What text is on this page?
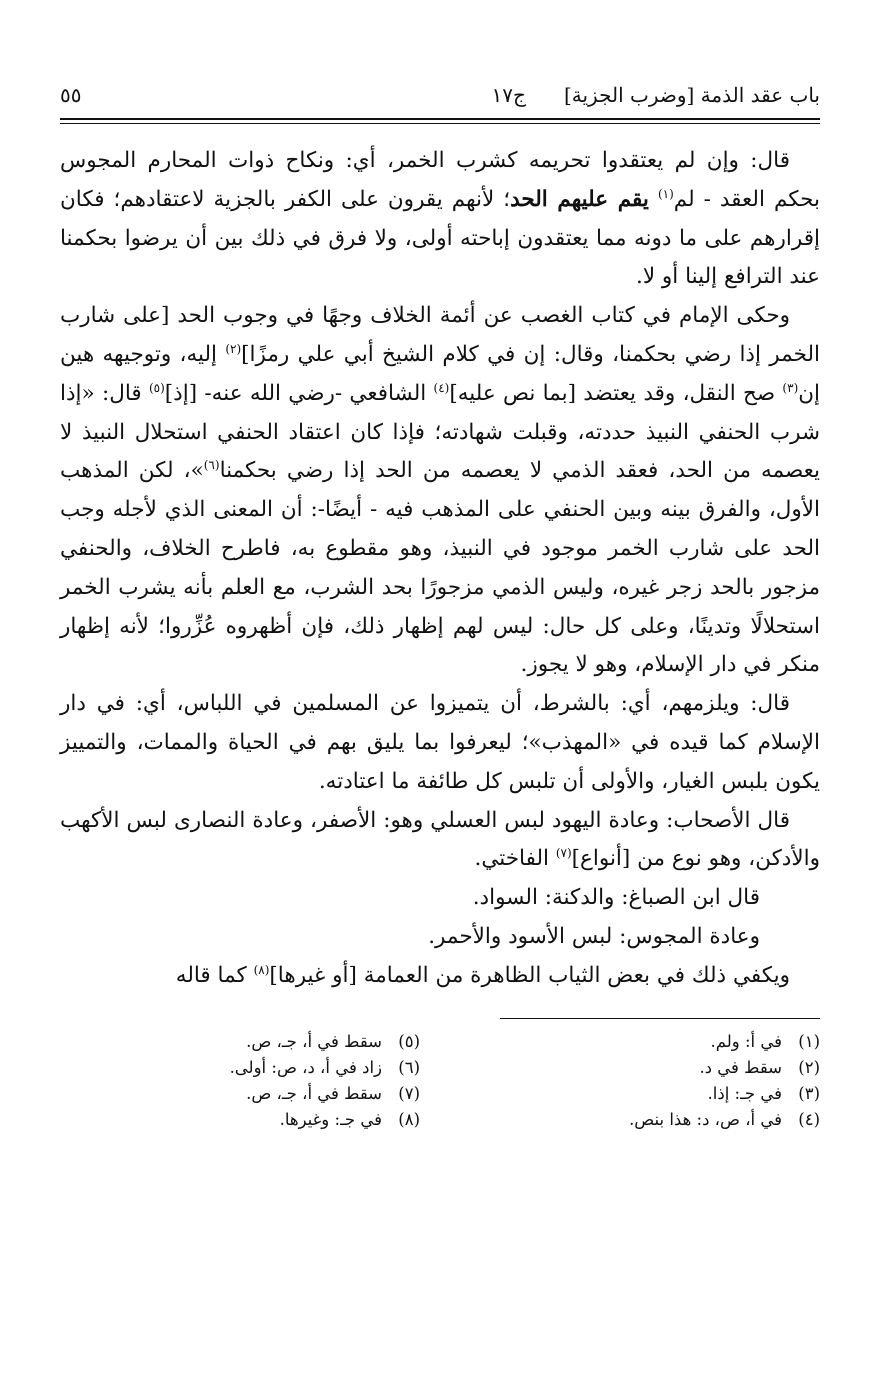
باب عقد الذمة [وضرب الجزية]
ج١٧
٥٥

قال: وإن لم يعتقدوا تحريمه كشرب الخمر، أي: ونكاح ذوات المحارم المجوس بحكم العقد - لم$^{(١)}$ يقم عليهم الحد؛ لأنهم يقرون على الكفر بالجزية لاعتقادهم؛ فكان إقرارهم على ما دونه مما يعتقدون إباحته أولى، ولا فرق في ذلك بين أن يرضوا بحكمنا عند الترافع إلينا أو لا.

وحكى الإمام في كتاب الغصب عن أئمة الخلاف وجهًا في وجوب الحد [على شارب الخمر إذا رضي بحكمنا، وقال: إن في كلام الشيخ أبي علي رمزًا]$^{(٢)}$ إليه، وتوجيهه هين إن$^{(٣)}$ صح النقل، وقد يعتضد [بما نص عليه]$^{(٤)}$ الشافعي -رضي الله عنه- [إذ]$^{(٥)}$ قال: «إذا شرب الحنفي النبيذ حددته، وقبلت شهادته؛ فإذا كان اعتقاد الحنفي استحلال النبيذ لا يعصمه من الحد، فعقد الذمي لا يعصمه من الحد إذا رضي بحكمنا$^{(٦)}$»، لكن المذهب الأول، والفرق بينه وبين الحنفي على المذهب فيه - أيضًا-: أن المعنى الذي لأجله وجب الحد على شارب الخمر موجود في النبيذ، وهو مقطوع به، فاطرح الخلاف، والحنفي مزجور بالحد زجر غيره، وليس الذمي مزجورًا بحد الشرب، مع العلم بأنه يشرب الخمر استحلالًا وتدينًا، وعلى كل حال: ليس لهم إظهار ذلك، فإن أظهروه عُزِّروا؛ لأنه إظهار منكر في دار الإسلام، وهو لا يجوز.

قال: ويلزمهم، أي: بالشرط، أن يتميزوا عن المسلمين في اللباس، أي: في دار الإسلام كما قيده في «المهذب»؛ ليعرفوا بما يليق بهم في الحياة والممات، والتمييز يكون بلبس الغيار، والأولى أن تلبس كل طائفة ما اعتادته.

قال الأصحاب: وعادة اليهود لبس العسلي وهو: الأصفر، وعادة النصارى لبس الأكهب والأدكن، وهو نوع من [أنواع]$^{(٧)}$ الفاختي.

قال ابن الصباغ: والدكنة: السواد.

وعادة المجوس: لبس الأسود والأحمر.

ويكفي ذلك في بعض الثياب الظاهرة من العمامة [أو غيرها]$^{(٨)}$ كما قاله

(١)
في أ: ولم.
(٢)
سقط في د.
(٣)
في جـ: إذا.
(٤)
في أ، ص، د: هذا بنص.
(٥)
سقط في أ، جـ، ص.
(٦)
زاد في أ، د، ص: أولى.
(٧)
سقط في أ، جـ، ص.
(٨)
في جـ: وغيرها.
